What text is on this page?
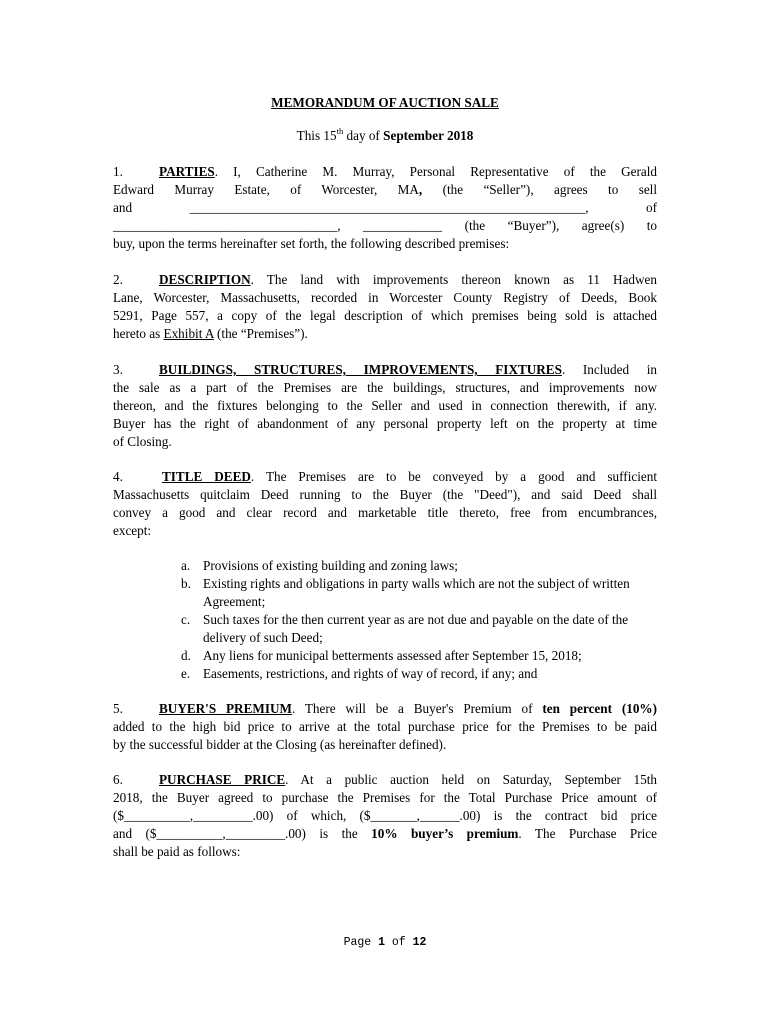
MEMORANDUM OF AUCTION SALE
This 15th day of September 2018
1.	PARTIES. I, Catherine M. Murray, Personal Representative of the Gerald
Edward Murray Estate, of Worcester, MA, (the “Seller”), agrees to sell
and ____________________________________________________________, of
__________________________________, ____________ (the “Buyer”), agree(s) to
buy, upon the terms hereinafter set forth, the following described premises:
2.	DESCRIPTION. The land with improvements thereon known as 11 Hadwen
Lane, Worcester, Massachusetts, recorded in Worcester County Registry of Deeds, Book
5291, Page 557, a copy of the legal description of which premises being sold is attached
hereto as Exhibit A (the “Premises”).
3.	BUILDINGS, STRUCTURES, IMPROVEMENTS, FIXTURES. Included in
the sale as a part of the Premises are the buildings, structures, and improvements now
thereon, and the fixtures belonging to the Seller and used in connection therewith, if any.
Buyer has the right of abandonment of any personal property left on the property at time
of Closing.
4.	TITLE DEED. The Premises are to be conveyed by a good and sufficient
Massachusetts quitclaim Deed running to the Buyer (the "Deed"), and said Deed shall
convey a good and clear record and marketable title thereto, free from encumbrances,
except:
a. Provisions of existing building and zoning laws;
b. Existing rights and obligations in party walls which are not the subject of written Agreement;
c. Such taxes for the then current year as are not due and payable on the date of the delivery of such Deed;
d. Any liens for municipal betterments assessed after September 15, 2018;
e. Easements, restrictions, and rights of way of record, if any; and
5.	BUYER'S PREMIUM. There will be a Buyer's Premium of ten percent (10%)
added to the high bid price to arrive at the total purchase price for the Premises to be paid
by the successful bidder at the Closing (as hereinafter defined).
6.	PURCHASE PRICE. At a public auction held on Saturday, September 15th
2018, the Buyer agreed to purchase the Premises for the Total Purchase Price amount of
($__________,_________.00) of which, ($_______,______.00) is the contract bid price
and ($__________,_________.00) is the 10% buyer’s premium. The Purchase Price
shall be paid as follows:
Page 1 of 12
